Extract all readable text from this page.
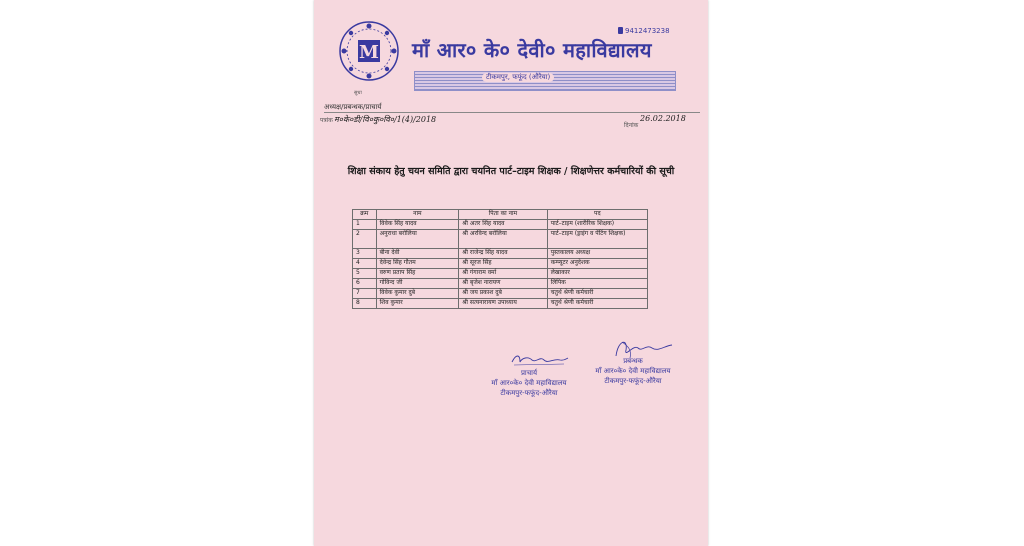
M
सुधा
9412473238
माँ आर० के० देवी० महाविद्यालय
टीकमपुर, फफूंद (औरैया)
अध्यक्ष/प्रबन्धक/प्राचार्य
पत्रांक म०के०डी/वि०कु०वि०/1(4)/2018
दिनांक
26.02.2018
शिक्षा संकाय हेतु चयन समिति द्वारा चयनित पार्ट–टाइम शिक्षक / शिक्षणेत्तर कर्मचारियों की सूची
क्रम	नाम	पिता का नाम	पद
1	विवेक सिंह यादव	श्री अतर सिंह यादव	पार्ट–टाइम (शारीरिक शिक्षक)
2	अनुराधा बरोलिया	श्री अरविन्द बरोलिया	पार्ट–टाइम (ड्राइंग व पेंटिंग शिक्षक)
3	बीना देवी	श्री राजेन्द्र सिंह यादव	पुस्तकालय अध्यक्ष
4	देवेन्द्र सिंह गौतम	श्री सूरज सिंह	कम्प्यूटर अनुदेशक
5	वरुण प्रताप सिंह	श्री गंगाराम वर्मा	लेखाकार
6	गोविन्द जी	श्री बृजेश नारायण	लिपिक
7	विवेक कुमार दुबे	श्री जय प्रकाश दुबे	चतुर्थ श्रेणी कर्मचारी
8	शिव कुमार	श्री सत्यनारायण उपाध्याय	चतुर्थ श्रेणी कर्मचारी
प्राचार्य
माँ आर०के० देवी महाविद्यालय
टीकमपुर-फफूंद-औरैया
प्रबन्धक
माँ आर०के० देवी महाविद्यालय
टीकमपुर-फफूंद-औरैया
